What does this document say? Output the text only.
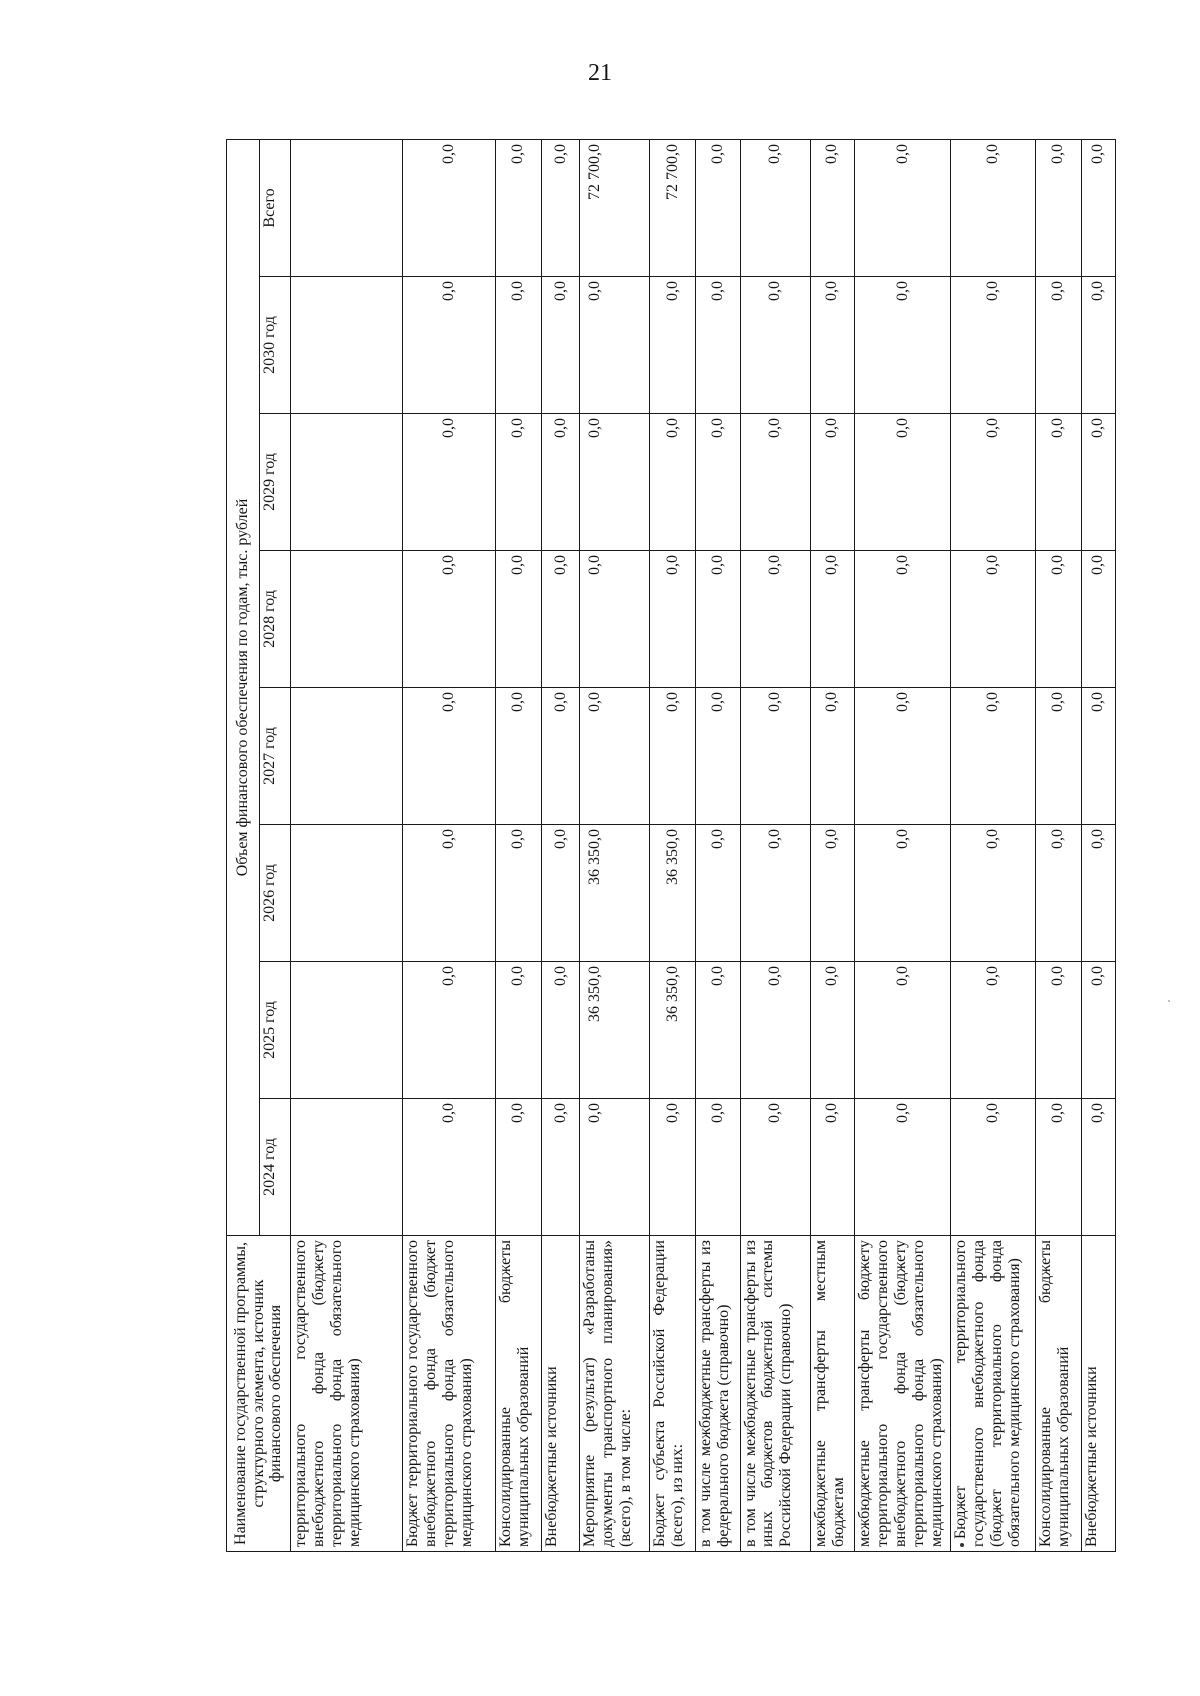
21
Наименование государственной программы, структурного элемента, источник финансового обеспечения	Объем финансового обеспечения по годам, тыс. рублей							
	2024 год	2025 год	2026 год	2027 год	2028 год	2029 год	2030 год	Всего
территориального государственного внебюджетного фонда (бюджету территориального фонда обязательного медицинского страхования)								
Бюджет территориального государственного внебюджетного фонда (бюджет территориального фонда обязательного медицинского страхования)	0,0	0,0	0,0	0,0	0,0	0,0	0,0	0,0
Консолидированные бюджеты муниципальных образований	0,0	0,0	0,0	0,0	0,0	0,0	0,0	0,0
Внебюджетные источники	0,0	0,0	0,0	0,0	0,0	0,0	0,0	0,0
Мероприятие (результат) «Разработаны документы транспортного планирования» (всего), в том числе:	0,0	36 350,0	36 350,0	0,0	0,0	0,0	0,0	72 700,0
Бюджет субъекта Российской Федерации (всего), из них:	0,0	36 350,0	36 350,0	0,0	0,0	0,0	0,0	72 700,0
в том числе межбюджетные трансферты из федерального бюджета (справочно)	0,0	0,0	0,0	0,0	0,0	0,0	0,0	0,0
в том числе межбюджетные трансферты из иных бюджетов бюджетной системы Российской Федерации (справочно)	0,0	0,0	0,0	0,0	0,0	0,0	0,0	0,0
межбюджетные трансферты местным бюджетам	0,0	0,0	0,0	0,0	0,0	0,0	0,0	0,0
межбюджетные трансферты бюджету территориального государственного внебюджетного фонда (бюджету территориального фонда обязательного медицинского страхования)	0,0	0,0	0,0	0,0	0,0	0,0	0,0	0,0
Бюджет территориального государственного внебюджетного фонда (бюджет территориального фонда обязательного медицинского страхования)	0,0	0,0	0,0	0,0	0,0	0,0	0,0	0,0
Консолидированные бюджеты муниципальных образований	0,0	0,0	0,0	0,0	0,0	0,0	0,0	0,0
Внебюджетные источники	0,0	0,0	0,0	0,0	0,0	0,0	0,0	0,0
